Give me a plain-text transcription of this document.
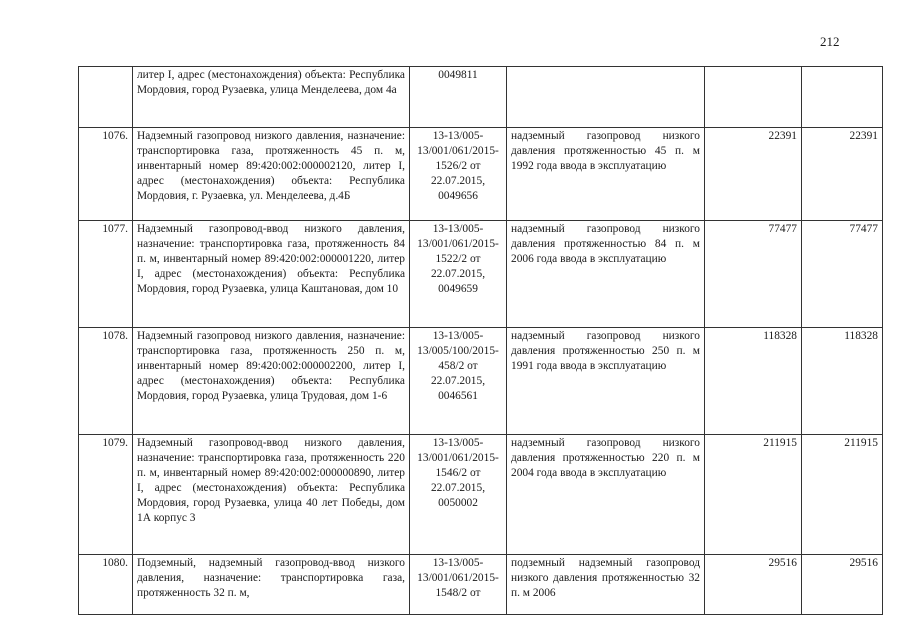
212
	литер I, адрес (местонахождения) объекта: Республика Мордовия, город Рузаевка, улица Менделеева, дом 4а	0049811			
1076.	Надземный газопровод низкого давления, назначение: транспортировка газа, протяженность 45 п. м, инвентарный номер 89:420:002:000002120, литер I, адрес (местонахождения) объекта: Республика Мордовия, г. Рузаевка, ул. Менделеева, д.4Б	13-13/005-13/001/061/2015-1526/2 от 22.07.2015, 0049656	надземный газопровод низкого давления протяженностью 45 п. м 1992 года ввода в эксплуатацию	22391	22391
1077.	Надземный газопровод-ввод низкого давления, назначение: транспортировка газа, протяженность 84 п. м, инвентарный номер 89:420:002:000001220, литер I, адрес (местонахождения) объекта: Республика Мордовия, город Рузаевка, улица Каштановая, дом 10	13-13/005-13/001/061/2015-1522/2 от 22.07.2015, 0049659	надземный газопровод низкого давления протяженностью 84 п. м 2006 года ввода в эксплуатацию	77477	77477
1078.	Надземный газопровод низкого давления, назначение: транспортировка газа, протяженность 250 п. м, инвентарный номер 89:420:002:000002200, литер I, адрес (местонахождения) объекта: Республика Мордовия, город Рузаевка, улица Трудовая, дом 1-6	13-13/005-13/005/100/2015-458/2 от 22.07.2015, 0046561	надземный газопровод низкого давления протяженностью 250 п. м 1991 года ввода в эксплуатацию	118328	118328
1079.	Надземный газопровод-ввод низкого давления, назначение: транспортировка газа, протяженность 220 п. м, инвентарный номер 89:420:002:000000890, литер I, адрес (местонахождения) объекта: Республика Мордовия, город Рузаевка, улица 40 лет Победы, дом 1А корпус 3	13-13/005-13/001/061/2015-1546/2 от 22.07.2015, 0050002	надземный газопровод низкого давления протяженностью 220 п. м 2004 года ввода в эксплуатацию	211915	211915
1080.	Подземный, надземный газопровод-ввод низкого давления, назначение: транспортировка газа, протяженность 32 п. м,	13-13/005-13/001/061/2015-1548/2 от	подземный надземный газопровод низкого давления протяженностью 32 п. м 2006	29516	29516
